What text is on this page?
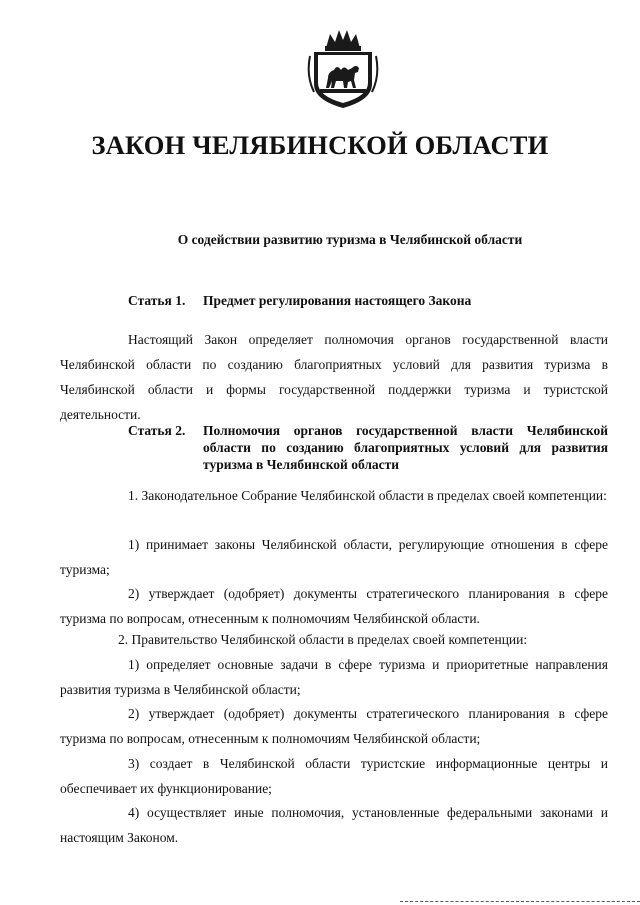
ЗАКОН ЧЕЛЯБИНСКОЙ ОБЛАСТИ
О содействии развитию туризма в Челябинской области
Статья 1. Предмет регулирования настоящего Закона

Настоящий Закон определяет полномочия органов государственной власти Челябинской области по созданию благоприятных условий для развития туризма в Челябинской области и формы государственной поддержки туризма и туристской деятельности.

Статья 2. Полномочия органов государственной власти Челябинской области по созданию благоприятных условий для развития туризма в Челябинской области

1. Законодательное Собрание Челябинской области в пределах своей компетенции:

1) принимает законы Челябинской области, регулирующие отношения в сфере туризма;

2) утверждает (одобряет) документы стратегического планирования в сфере туризма по вопросам, отнесенным к полномочиям Челябинской области.

2. Правительство Челябинской области в пределах своей компетенции:

1) определяет основные задачи в сфере туризма и приоритетные направления развития туризма в Челябинской области;

2) утверждает (одобряет) документы стратегического планирования в сфере туризма по вопросам, отнесенным к полномочиям Челябинской области;

3) создает в Челябинской области туристские информационные центры и обеспечивает их функционирование;

4) осуществляет иные полномочия, установленные федеральными законами и настоящим Законом.
